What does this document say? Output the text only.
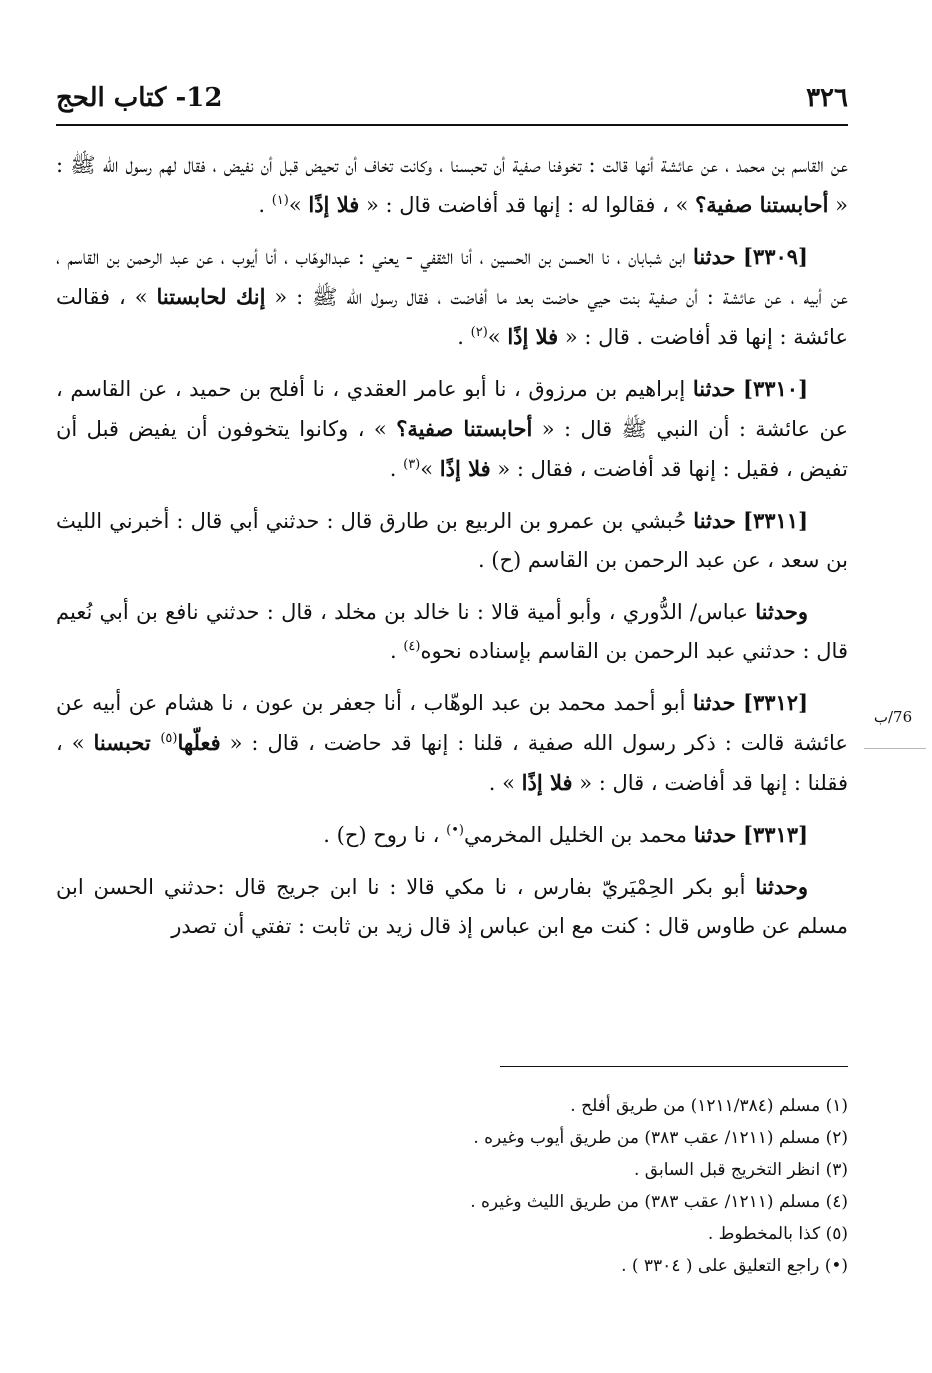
٣٢٦
12- كتاب الحج

عن القاسم بن محمد ، عن عائشة أنها قالت : تخوفنا صفية أن تحبسنا ، وكانت تخاف أن تحيض قبل أن نفيض ، فقال لهم رسول الله ﷺ : « أحابستنا صفية؟ » ، فقالوا له : إنها قد أفاضت قال : « فلا إذًا »$^{(١)}$ .

[٣٣٠٩] حدثنا ابن شبابان ، نا الحسن بن الحسين ، أنا الثقفي - يعني : عبدالوهّاب ، أنا أيوب ، عن عبد الرحمن بن القاسم ، عن أبيه ، عن عائشة : أن صفية بنت حيي حاضت بعد ما أفاضت ، فقال رسول الله ﷺ : « إنك لحابستنا » ، فقالت عائشة : إنها قد أفاضت . قال : « فلا إذًا »$^{(٢)}$ .

[٣٣١٠] حدثنا إبراهيم بن مرزوق ، نا أبو عامر العقدي ، نا أفلح بن حميد ، عن القاسم ، عن عائشة : أن النبي ﷺ قال : « أحابستنا صفية؟ » ، وكانوا يتخوفون أن يفيض قبل أن تفيض ، فقيل : إنها قد أفاضت ، فقال : « فلا إذًا »$^{(٣)}$ .

[٣٣١١] حدثنا حُبشي بن عمرو بن الربيع بن طارق قال : حدثني أبي قال : أخبرني الليث بن سعد ، عن عبد الرحمن بن القاسم (ح) .

وحدثنا عباس/ الدُّوري ، وأبو أمية قالا : نا خالد بن مخلد ، قال : حدثني نافع بن أبي نُعيم قال : حدثني عبد الرحمن بن القاسم بإسناده نحوه$^{(٤)}$ .

[٣٣١٢] حدثنا أبو أحمد محمد بن عبد الوهّاب ، أنا جعفر بن عون ، نا هشام عن أبيه عن عائشة قالت : ذكر رسول الله صفية ، قلنا : إنها قد حاضت ، قال : « فعلّها$^{(٥)}$ تحبسنا » ، فقلنا : إنها قد أفاضت ، قال : « فلا إذًا » .

[٣٣١٣] حدثنا محمد بن الخليل المخرمي(•) ، نا روح (ح) .

وحدثنا أبو بكر الحِمْيَريّ بفارس ، نا مكي قالا : نا ابن جريج قال :حدثني الحسن ابن مسلم عن طاوس قال : كنت مع ابن عباس إذ قال زيد بن ثابت : تفتي أن تصدر

76/ب
(١) مسلم (١٢١١/٣٨٤) من طريق أفلح .
(٢) مسلم (١٢١١/ عقب ٣٨٣) من طريق أيوب وغيره .
(٣) انظر التخريج قبل السابق .
(٤) مسلم (١٢١١/ عقب ٣٨٣) من طريق الليث وغيره .
(٥) كذا بالمخطوط .
(•) راجع التعليق على ( ٣٣٠٤ ) .
